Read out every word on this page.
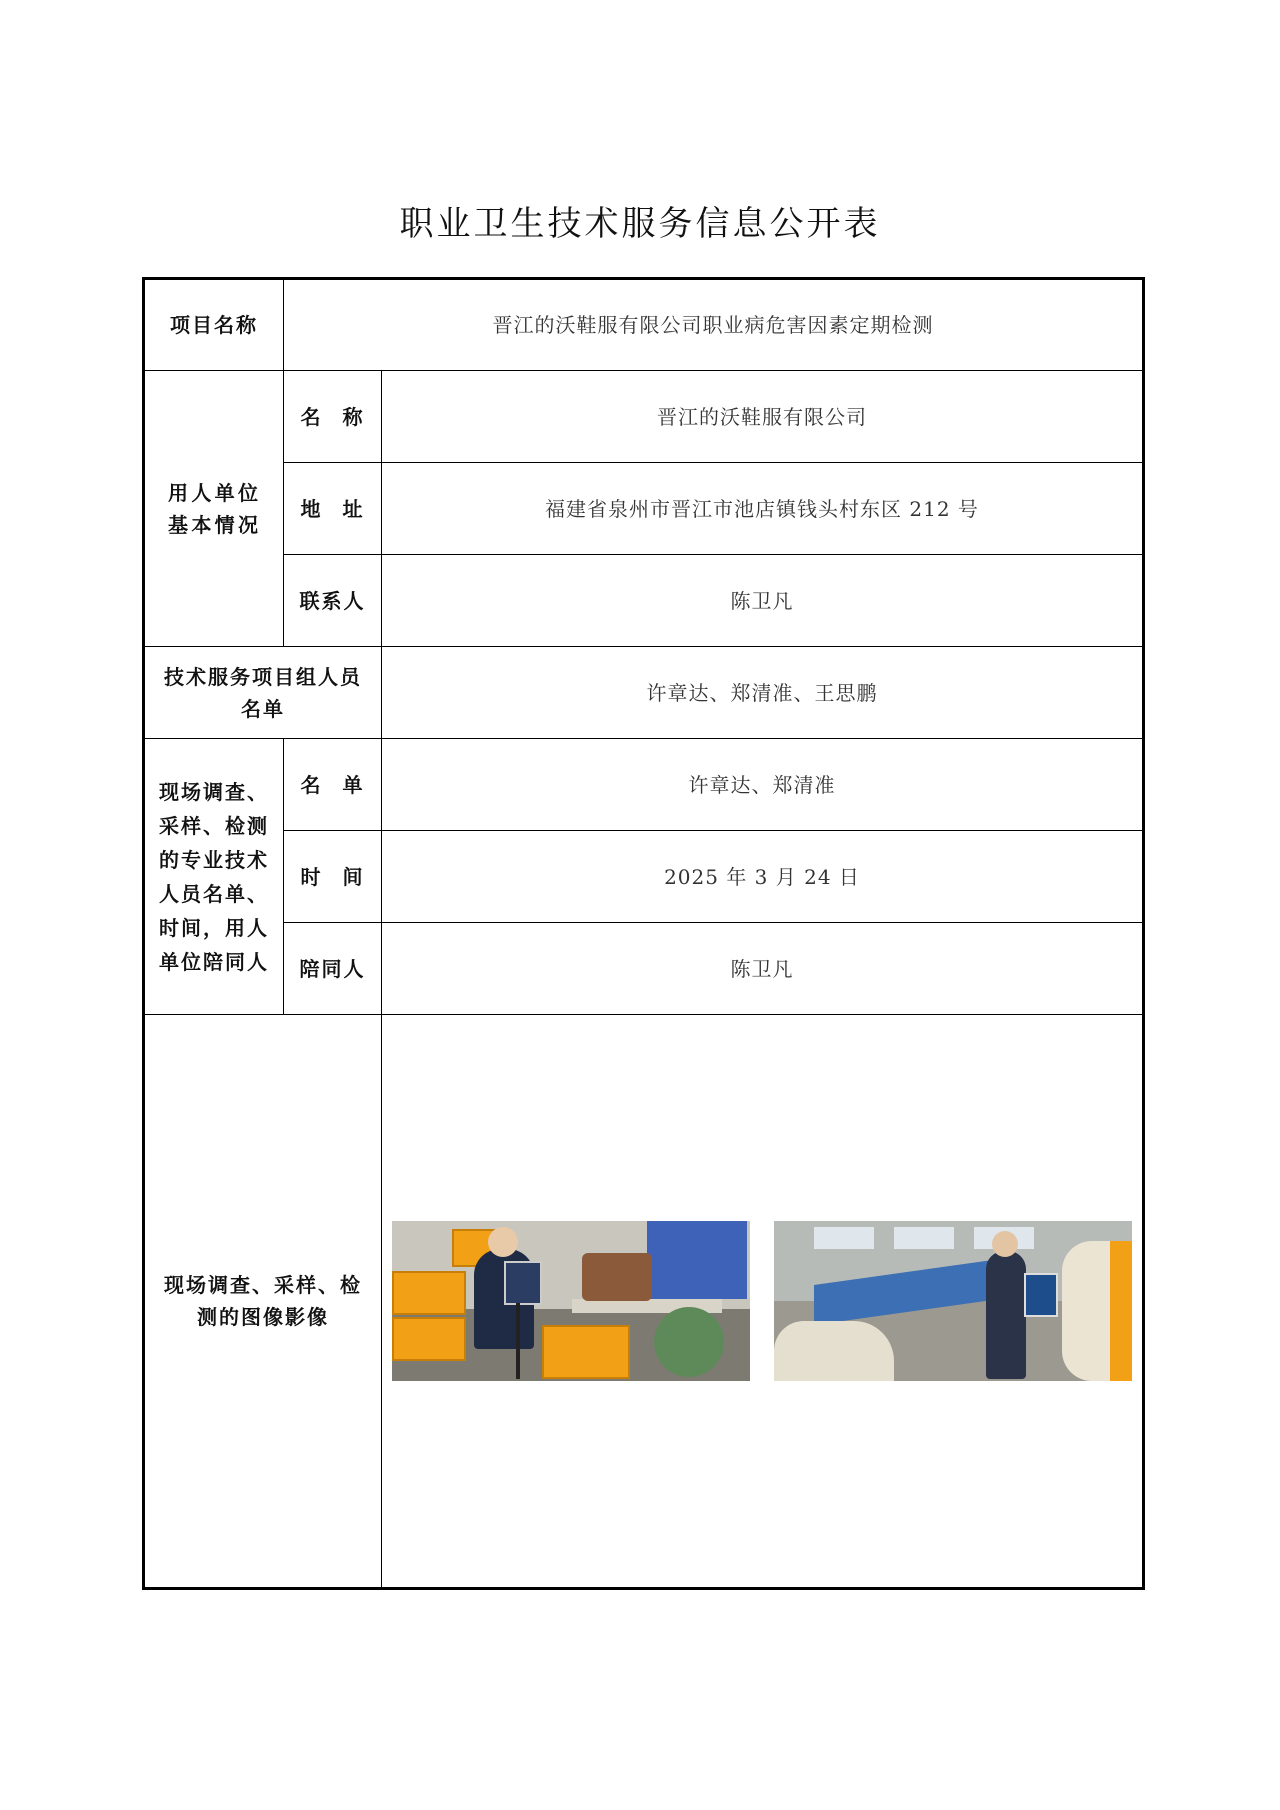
职业卫生技术服务信息公开表
项目名称	晋江的沃鞋服有限公司职业病危害因素定期检测	
用人单位基本情况	名 称	晋江的沃鞋服有限公司
	地 址	福建省泉州市晋江市池店镇钱头村东区 212 号
	联系人	陈卫凡
技术服务项目组人员名单		许章达、郑清准、王思鹏
现场调查、采样、检测的专业技术人员名单、时间，用人单位陪同人	名 单	许章达、郑清准
	时 间	2025 年 3 月 24 日
	陪同人	陈卫凡
现场调查、采样、检测的图像影像		
